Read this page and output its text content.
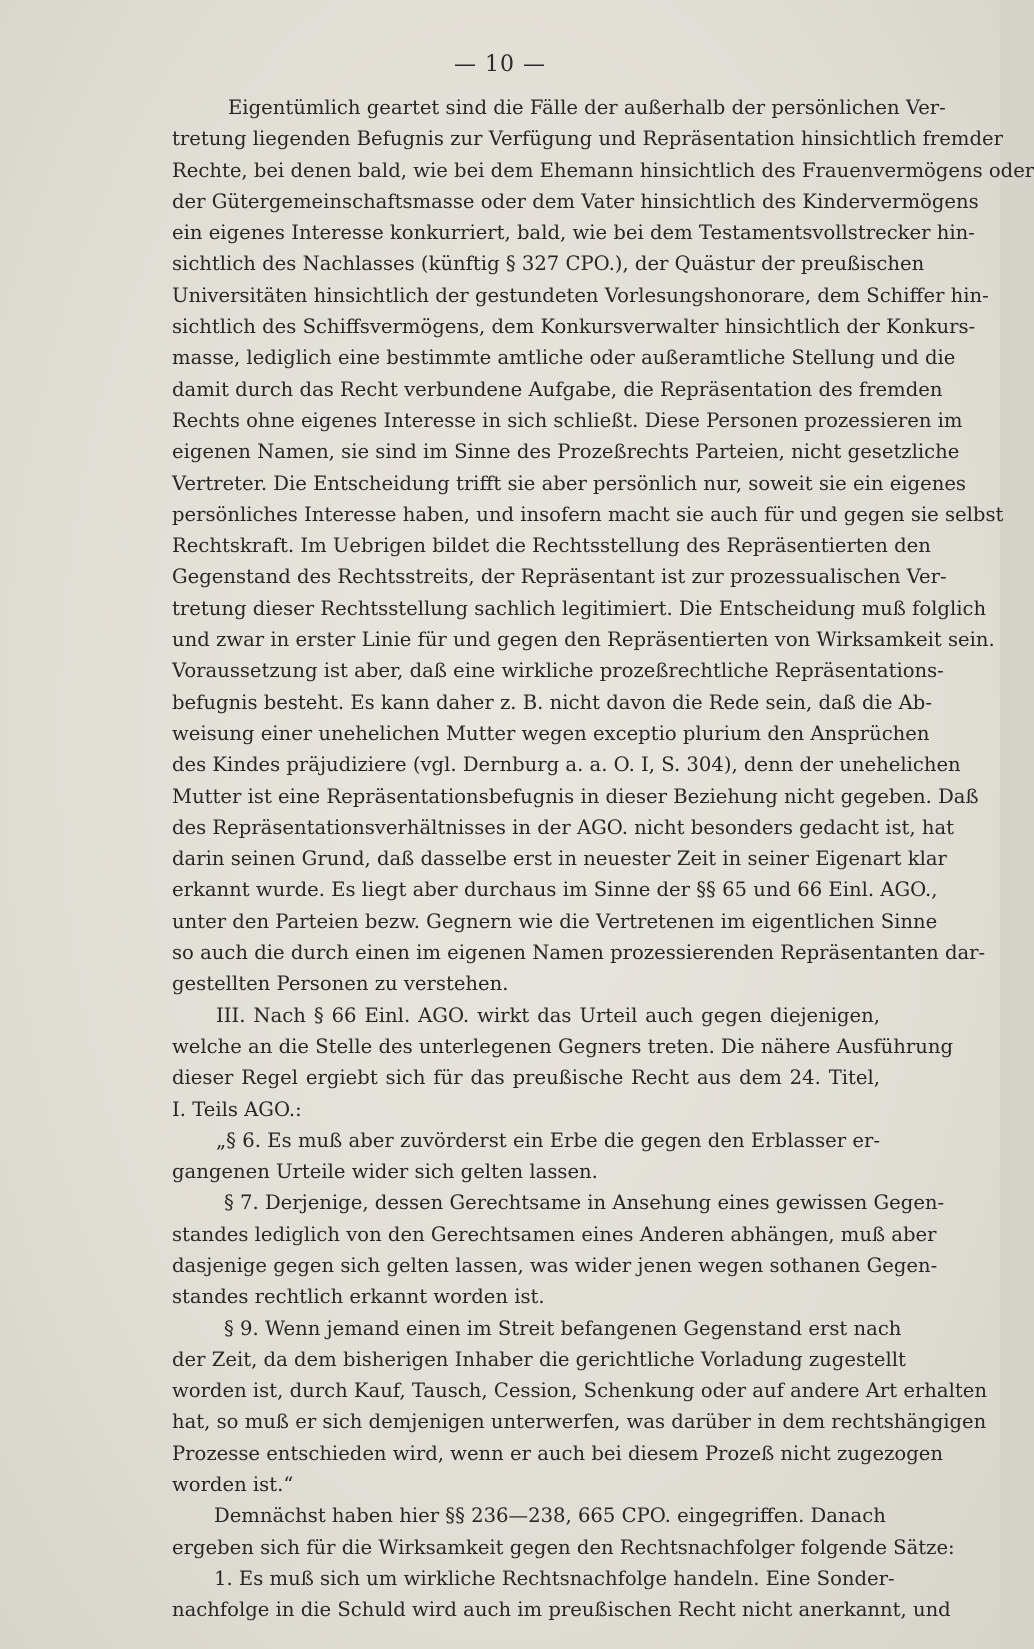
— 10 —
Eigentümlich geartet sind die Fälle der außerhalb der persönlichen Ver-
tretung liegenden Befugnis zur Verfügung und Repräsentation hinsichtlich fremder
Rechte, bei denen bald, wie bei dem Ehemann hinsichtlich des Frauenvermögens oder
der Gütergemeinschaftsmasse oder dem Vater hinsichtlich des Kindervermögens
ein eigenes Interesse konkurriert, bald, wie bei dem Testamentsvollstrecker hin-
sichtlich des Nachlasses (künftig § 327 CPO.), der Quästur der preußischen
Universitäten hinsichtlich der gestundeten Vorlesungshonorare, dem Schiffer hin-
sichtlich des Schiffsvermögens, dem Konkursverwalter hinsichtlich der Konkurs-
masse, lediglich eine bestimmte amtliche oder außeramtliche Stellung und die
damit durch das Recht verbundene Aufgabe, die Repräsentation des fremden
Rechts ohne eigenes Interesse in sich schließt. Diese Personen prozessieren im
eigenen Namen, sie sind im Sinne des Prozeßrechts Parteien, nicht gesetzliche
Vertreter. Die Entscheidung trifft sie aber persönlich nur, soweit sie ein eigenes
persönliches Interesse haben, und insofern macht sie auch für und gegen sie selbst
Rechtskraft. Im Uebrigen bildet die Rechtsstellung des Repräsentierten den
Gegenstand des Rechtsstreits, der Repräsentant ist zur prozessualischen Ver-
tretung dieser Rechtsstellung sachlich legitimiert. Die Entscheidung muß folglich
und zwar in erster Linie für und gegen den Repräsentierten von Wirksamkeit sein.
Voraussetzung ist aber, daß eine wirkliche prozeßrechtliche Repräsentations-
befugnis besteht. Es kann daher z. B. nicht davon die Rede sein, daß die Ab-
weisung einer unehelichen Mutter wegen exceptio plurium den Ansprüchen
des Kindes präjudiziere (vgl. Dernburg a. a. O. I, S. 304), denn der unehelichen
Mutter ist eine Repräsentationsbefugnis in dieser Beziehung nicht gegeben. Daß
des Repräsentationsverhältnisses in der AGO. nicht besonders gedacht ist, hat
darin seinen Grund, daß dasselbe erst in neuester Zeit in seiner Eigenart klar
erkannt wurde. Es liegt aber durchaus im Sinne der §§ 65 und 66 Einl. AGO.,
unter den Parteien bezw. Gegnern wie die Vertretenen im eigentlichen Sinne
so auch die durch einen im eigenen Namen prozessierenden Repräsentanten dar-
gestellten Personen zu verstehen.
III. Nach § 66 Einl. AGO. wirkt das Urteil auch gegen diejenigen,
welche an die Stelle des unterlegenen Gegners treten. Die nähere Ausführung
dieser Regel ergiebt sich für das preußische Recht aus dem 24. Titel,
I. Teils AGO.:
„§ 6. Es muß aber zuvörderst ein Erbe die gegen den Erblasser er-
gangenen Urteile wider sich gelten lassen.
§ 7. Derjenige, dessen Gerechtsame in Ansehung eines gewissen Gegen-
standes lediglich von den Gerechtsamen eines Anderen abhängen, muß aber
dasjenige gegen sich gelten lassen, was wider jenen wegen sothanen Gegen-
standes rechtlich erkannt worden ist.
§ 9. Wenn jemand einen im Streit befangenen Gegenstand erst nach
der Zeit, da dem bisherigen Inhaber die gerichtliche Vorladung zugestellt
worden ist, durch Kauf, Tausch, Cession, Schenkung oder auf andere Art erhalten
hat, so muß er sich demjenigen unterwerfen, was darüber in dem rechtshängigen
Prozesse entschieden wird, wenn er auch bei diesem Prozeß nicht zugezogen
worden ist.“
Demnächst haben hier §§ 236—238, 665 CPO. eingegriffen. Danach
ergeben sich für die Wirksamkeit gegen den Rechtsnachfolger folgende Sätze:
1. Es muß sich um wirkliche Rechtsnachfolge handeln. Eine Sonder-
nachfolge in die Schuld wird auch im preußischen Recht nicht anerkannt, und
